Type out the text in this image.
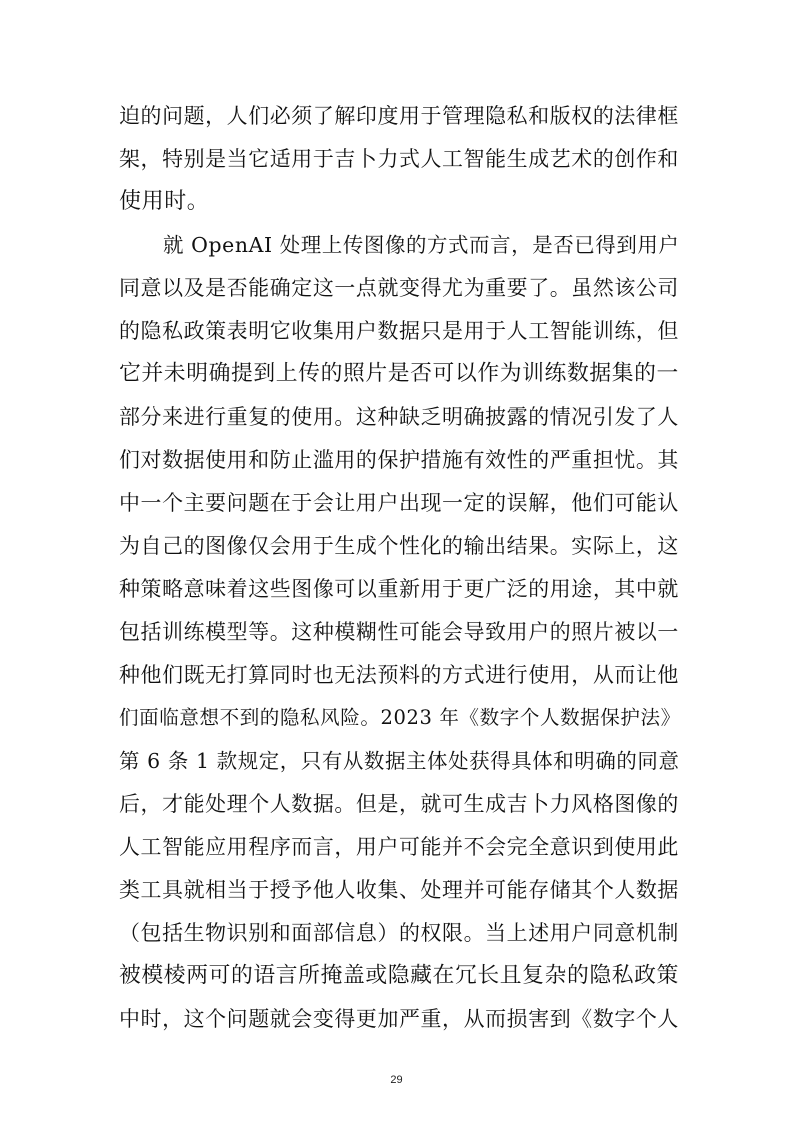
迫的问题，人们必须了解印度用于管理隐私和版权的法律框
架，特别是当它适用于吉卜力式人工智能生成艺术的创作和
使用时。
就 OpenAI 处理上传图像的方式而言，是否已得到用户
同意以及是否能确定这一点就变得尤为重要了。虽然该公司
的隐私政策表明它收集用户数据只是用于人工智能训练，但
它并未明确提到上传的照片是否可以作为训练数据集的一
部分来进行重复的使用。这种缺乏明确披露的情况引发了人
们对数据使用和防止滥用的保护措施有效性的严重担忧。其
中一个主要问题在于会让用户出现一定的误解，他们可能认
为自己的图像仅会用于生成个性化的输出结果。实际上，这
种策略意味着这些图像可以重新用于更广泛的用途，其中就
包括训练模型等。这种模糊性可能会导致用户的照片被以一
种他们既无打算同时也无法预料的方式进行使用，从而让他
们面临意想不到的隐私风险。2023 年《数字个人数据保护法》
第 6 条 1 款规定，只有从数据主体处获得具体和明确的同意
后，才能处理个人数据。但是，就可生成吉卜力风格图像的
人工智能应用程序而言，用户可能并不会完全意识到使用此
类工具就相当于授予他人收集、处理并可能存储其个人数据
（包括生物识别和面部信息）的权限。当上述用户同意机制
被模棱两可的语言所掩盖或隐藏在冗长且复杂的隐私政策
中时，这个问题就会变得更加严重，从而损害到《数字个人
29
